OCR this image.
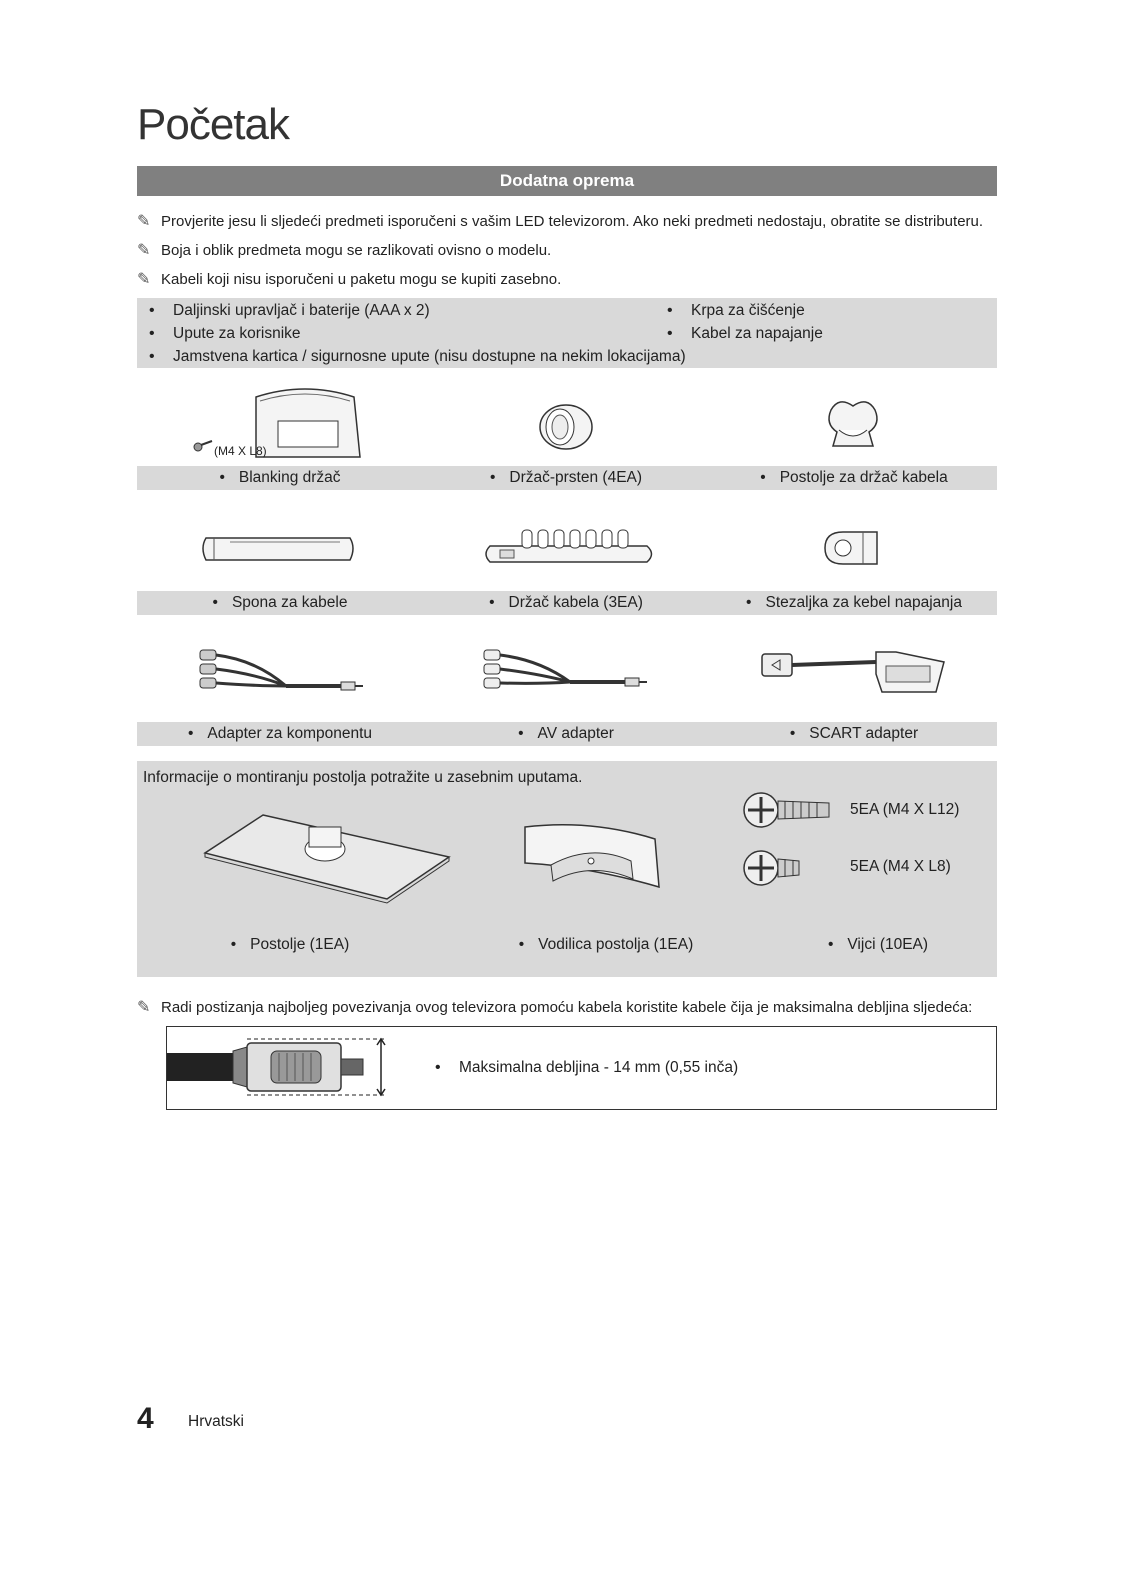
Početak
Dodatna oprema
✎ Provjerite jesu li sljedeći predmeti isporučeni s vašim LED televizorom. Ako neki predmeti nedostaju, obratite se distributeru.
✎ Boja i oblik predmeta mogu se razlikovati ovisno o modelu.
✎ Kabeli koji nisu isporučeni u paketu mogu se kupiti zasebno.
• Daljinski upravljač i baterije (AAA x 2)
• Upute za korisnike
• Jamstvena kartica / sigurnosne upute (nisu dostupne na nekim lokacijama)
• Krpa za čišćenje
• Kabel za napajanje
(M4 X L8)
• Blanking držač	• Držač-prsten (4EA)	• Postolje za držač kabela
• Spona za kabele	• Držač kabela (3EA)	• Stezaljka za kebel napajanja
• Adapter za komponentu	• AV adapter	• SCART adapter
Informacije o montiranju postolja potražite u zasebnim uputama.
5EA (M4 X L12)
5EA (M4 X L8)
• Postolje (1EA)	• Vodilica postolja (1EA)	• Vijci (10EA)
✎ Radi postizanja najboljeg povezivanja ovog televizora pomoću kabela koristite kabele čija je maksimalna debljina sljedeća:
• Maksimalna debljina - 14 mm (0,55 inča)
4 Hrvatski
